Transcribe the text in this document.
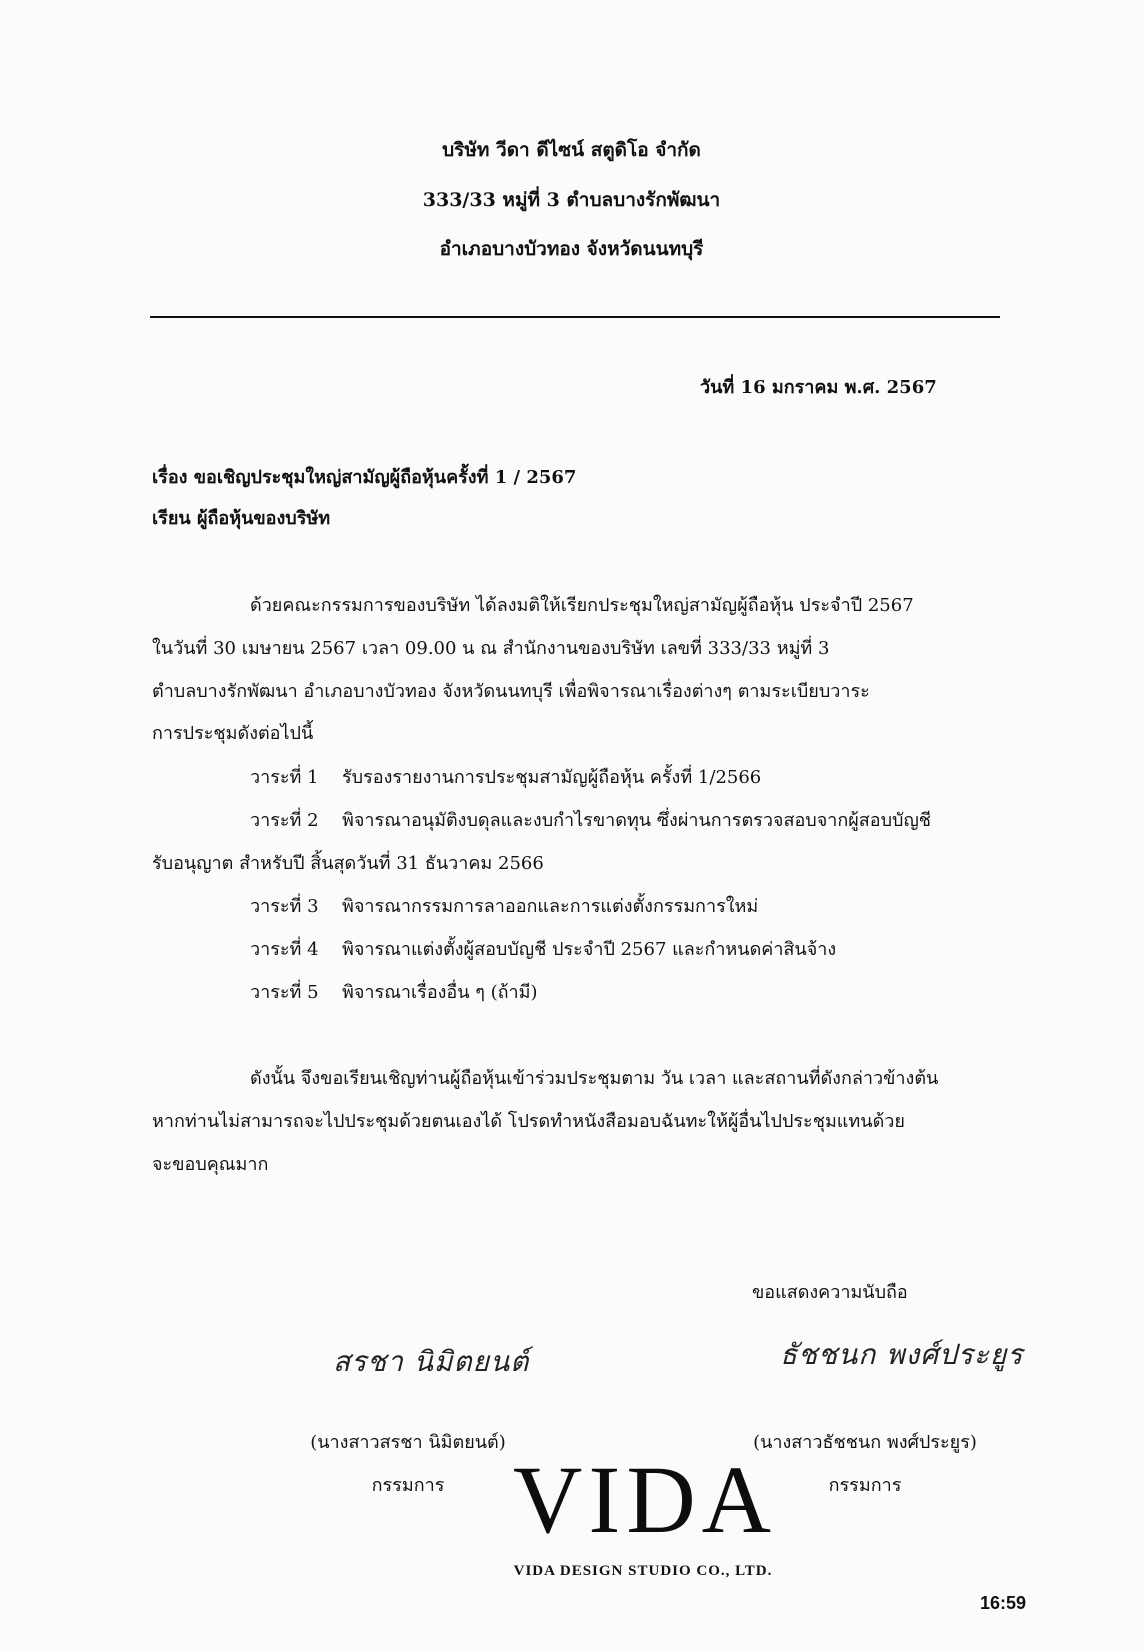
บริษัท วีดา ดีไซน์ สตูดิโอ จำกัด
333/33 หมู่ที่ 3 ตำบลบางรักพัฒนา
อำเภอบางบัวทอง จังหวัดนนทบุรี
วันที่ 16 มกราคม พ.ศ. 2567
เรื่อง ขอเชิญประชุมใหญ่สามัญผู้ถือหุ้นครั้งที่ 1 / 2567
เรียน ผู้ถือหุ้นของบริษัท
ด้วยคณะกรรมการของบริษัท ได้ลงมติให้เรียกประชุมใหญ่สามัญผู้ถือหุ้น ประจำปี 2567
ในวันที่ 30 เมษายน 2567 เวลา 09.00 น ณ สำนักงานของบริษัท เลขที่ 333/33 หมู่ที่ 3
ตำบลบางรักพัฒนา อำเภอบางบัวทอง จังหวัดนนทบุรี เพื่อพิจารณาเรื่องต่างๆ ตามระเบียบวาระ
การประชุมดังต่อไปนี้
วาระที่ 1 รับรองรายงานการประชุมสามัญผู้ถือหุ้น ครั้งที่ 1/2566
วาระที่ 2 พิจารณาอนุมัติงบดุลและงบกำไรขาดทุน ซึ่งผ่านการตรวจสอบจากผู้สอบบัญชี
รับอนุญาต สำหรับปี สิ้นสุดวันที่ 31 ธันวาคม 2566
วาระที่ 3 พิจารณากรรมการลาออกและการแต่งตั้งกรรมการใหม่
วาระที่ 4 พิจารณาแต่งตั้งผู้สอบบัญชี ประจำปี 2567 และกำหนดค่าสินจ้าง
วาระที่ 5 พิจารณาเรื่องอื่น ๆ (ถ้ามี)
ดังนั้น จึงขอเรียนเชิญท่านผู้ถือหุ้นเข้าร่วมประชุมตาม วัน เวลา และสถานที่ดังกล่าวข้างต้น
หากท่านไม่สามารถจะไปประชุมด้วยตนเองได้ โปรดทำหนังสือมอบฉันทะให้ผู้อื่นไปประชุมแทนด้วย
จะขอบคุณมาก
ขอแสดงความนับถือ
สรชา นิมิตยนต์
(นางสาวสรชา นิมิตยนต์)
กรรมการ
ธัชชนก พงศ์ประยูร
(นางสาวธัชชนก พงศ์ประยูร)
กรรมการ
VIDA
VIDA DESIGN STUDIO CO., LTD.
16:59
